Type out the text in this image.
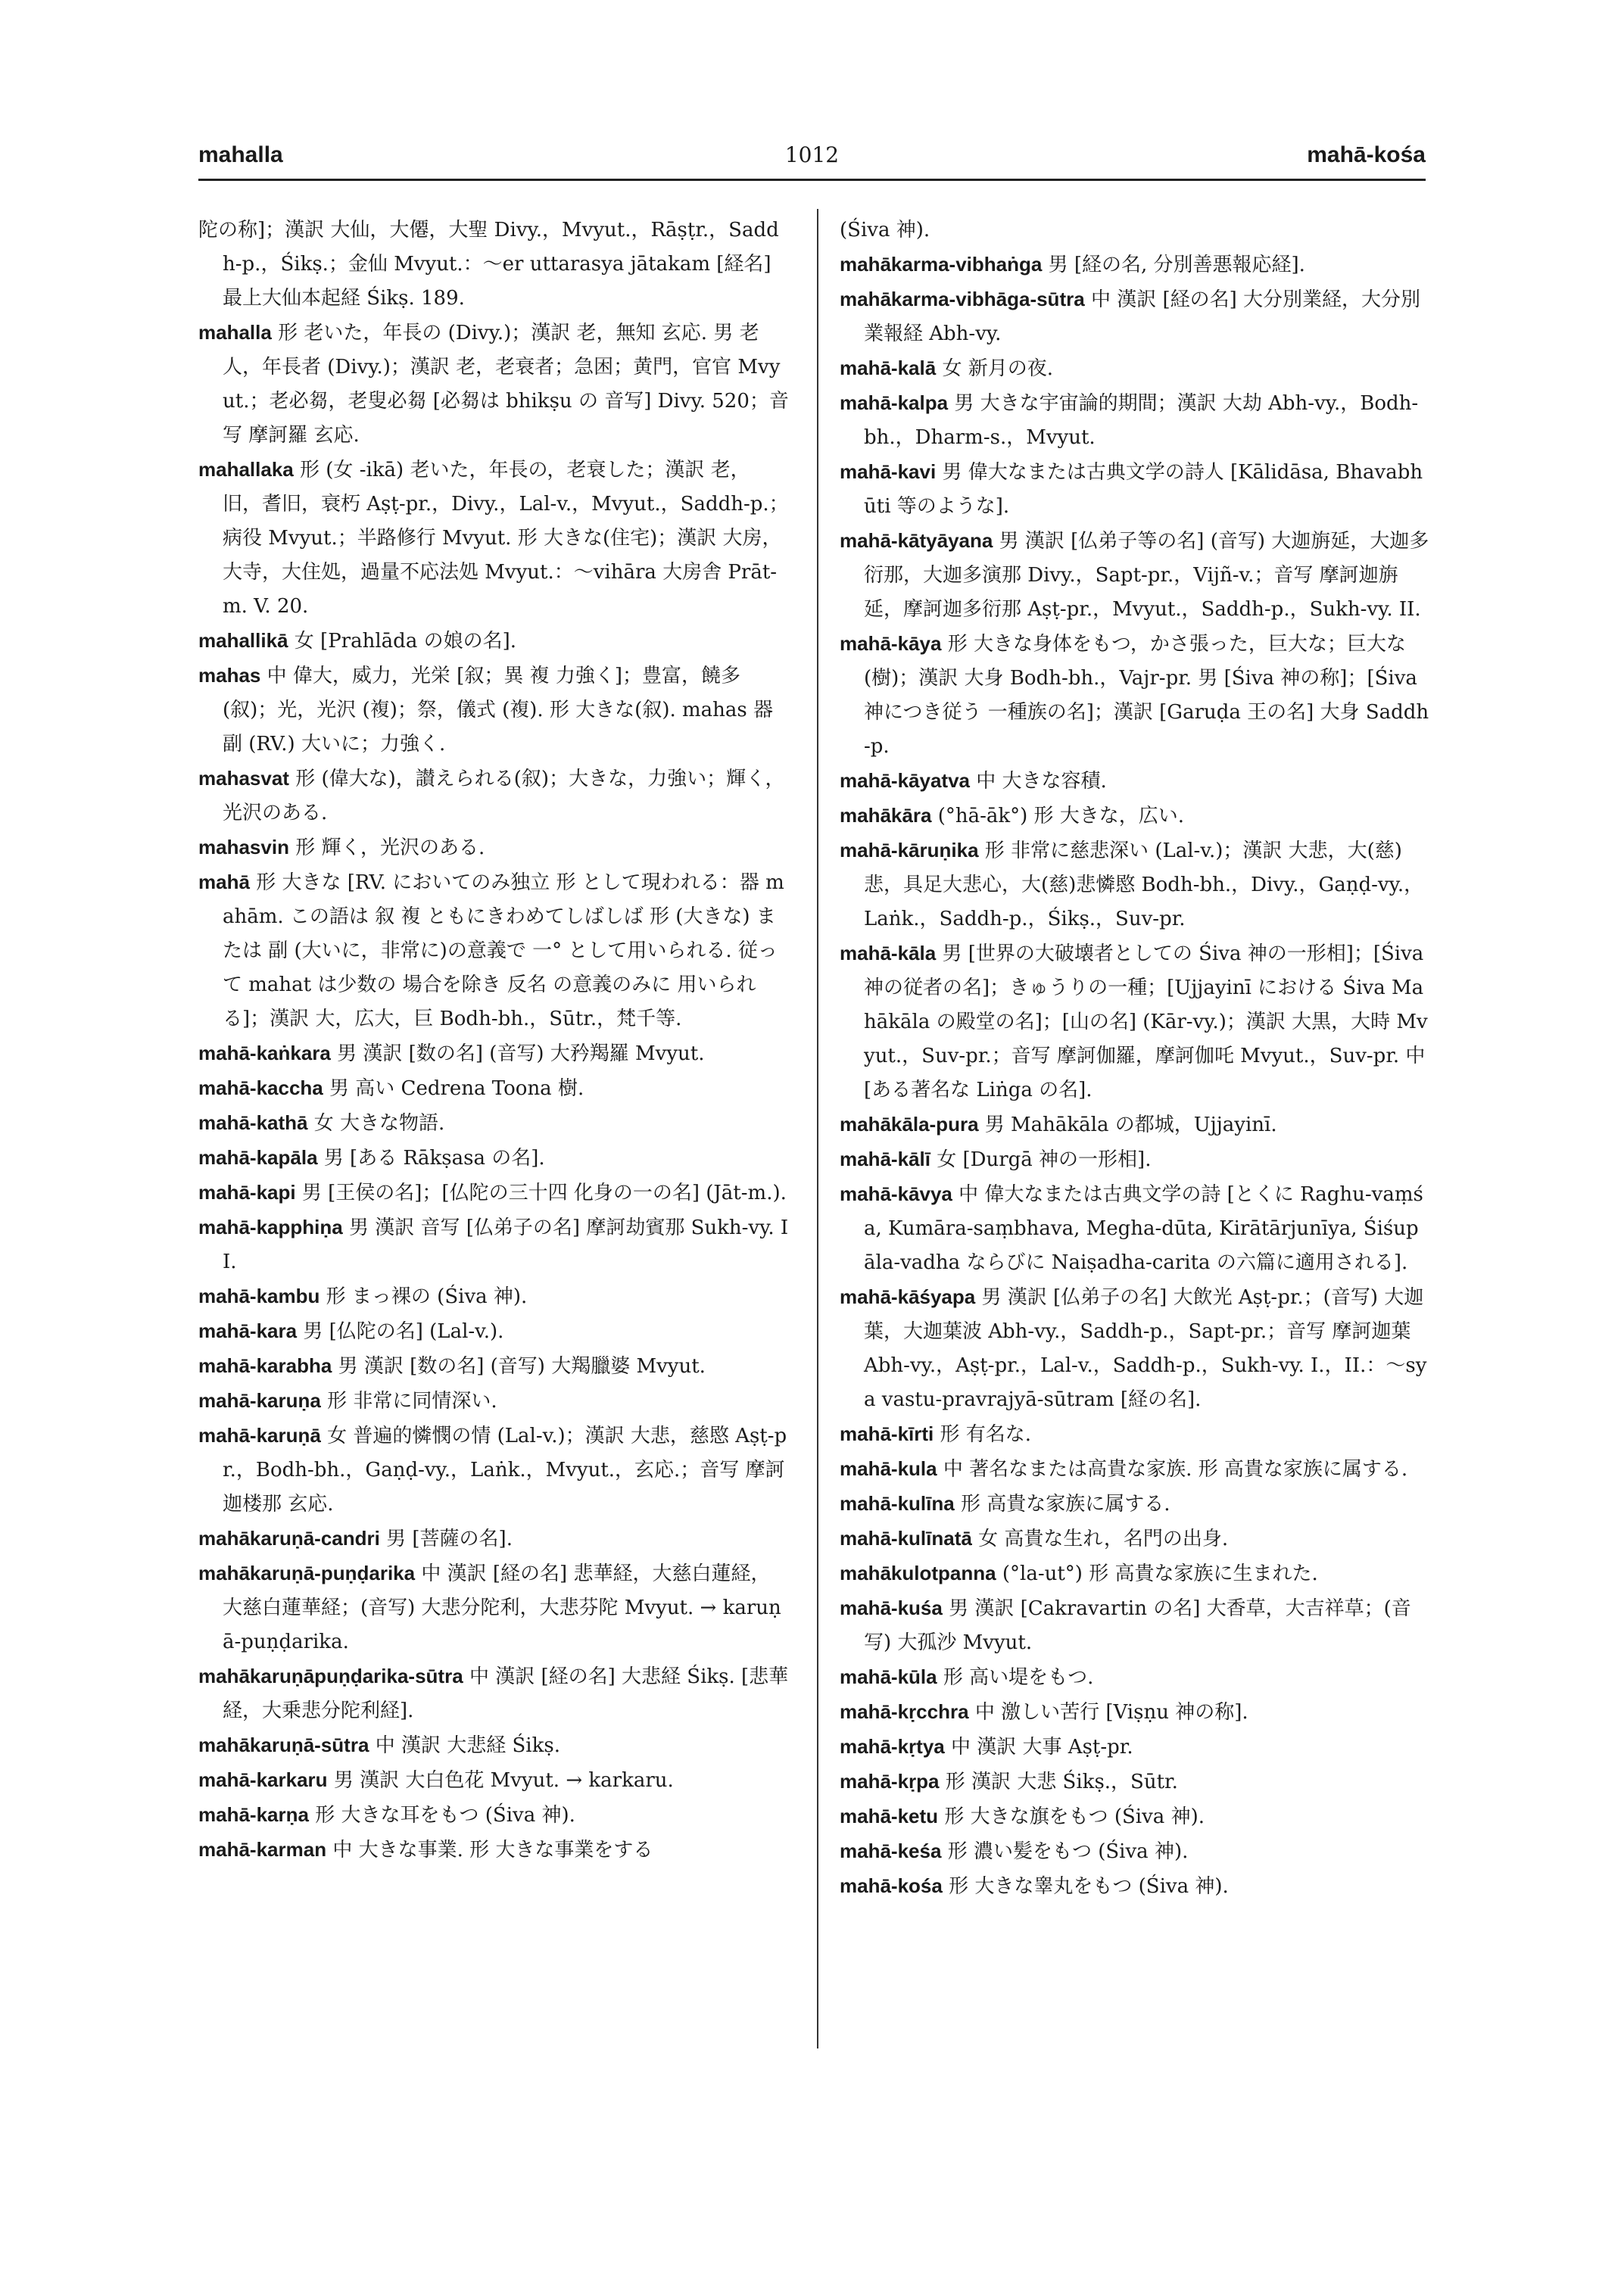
mahalla	1012	mahā-kośa

陀の称]；漢訳 大仙，大僊，大聖 Divy.，Mvyut.，Rāṣṭr.，Saddh-p.，Śikṣ.；金仙 Mvyut.：～er uttarasya jātakam [経名] 最上大仙本起経 Śikṣ. 189.

mahalla 形 老いた，年長の (Divy.)；漢訳 老，無知 玄応. 男 老人，年長者 (Divy.)；漢訳 老，老衰者；急困；黄門，官官 Mvyut.；老必芻，老叟必芻 [必芻は bhikṣu の 音写] Divy. 520；音写 摩訶羅 玄応.

mahallaka 形 (女 -ikā) 老いた，年長の，老衰した；漢訳 老，旧，耆旧，衰朽 Aṣṭ-pr.，Divy.，Lal-v.，Mvyut.，Saddh-p.；病役 Mvyut.；半路修行 Mvyut. 形 大きな(住宅)；漢訳 大房，大寺，大住処，過量不応法処 Mvyut.：～vihāra 大房舎 Prāt-m. V. 20.

mahallikā 女 [Prahlāda の娘の名].

mahas 中 偉大，威力，光栄 [叙；異 複 力強く]；豊富，饒多 (叙)；光，光沢 (複)；祭，儀式 (複). 形 大きな(叙). mahas 器 副 (RV.) 大いに；力強く.

mahasvat 形 (偉大な)，讃えられる(叙)；大きな，力強い；輝く，光沢のある.

mahasvin 形 輝く，光沢のある.

mahā 形 大きな [RV. においてのみ独立 形 として現われる：器 mahām. この語は 叙 複 ともにきわめてしばしば 形 (大きな) または 副 (大いに，非常に)の意義で 一° として用いられる. 従って mahat は少数の 場合を除き 反名 の意義のみに 用いられる]；漢訳 大，広大，巨 Bodh-bh.，Sūtr.，梵千等.

mahā-kaṅkara 男 漢訳 [数の名] (音写) 大矜羯羅 Mvyut.

mahā-kaccha 男 高い Cedrena Toona 樹.

mahā-kathā 女 大きな物語.

mahā-kapāla 男 [ある Rākṣasa の名].

mahā-kapi 男 [王侯の名]；[仏陀の三十四 化身の一の名] (Jāt-m.).

mahā-kapphiṇa 男 漢訳 音写 [仏弟子の名] 摩訶劫賓那 Sukh-vy. II.

mahā-kambu 形 まっ裸の (Śiva 神).

mahā-kara 男 [仏陀の名] (Lal-v.).

mahā-karabha 男 漢訳 [数の名] (音写) 大羯臘婆 Mvyut.

mahā-karuṇa 形 非常に同情深い.

mahā-karuṇā 女 普遍的憐憫の情 (Lal-v.)；漢訳 大悲，慈愍 Aṣṭ-pr.，Bodh-bh.，Gaṇḍ-vy.，Laṅk.，Mvyut.，玄応.；音写 摩訶迦楼那 玄応.

mahākaruṇā-candri 男 [菩薩の名].

mahākaruṇā-puṇḍarika 中 漢訳 [経の名] 悲華経，大慈白蓮経，大慈白蓮華経；(音写) 大悲分陀利，大悲芬陀 Mvyut. → karuṇā-puṇḍarika.

mahākaruṇāpuṇḍarika-sūtra 中 漢訳 [経の名] 大悲経 Śikṣ. [悲華経，大乗悲分陀利経].

mahākaruṇā-sūtra 中 漢訳 大悲経 Śikṣ.

mahā-karkaru 男 漢訳 大白色花 Mvyut. → karkaru.

mahā-karṇa 形 大きな耳をもつ (Śiva 神).

mahā-karman 中 大きな事業. 形 大きな事業をする

(Śiva 神).

mahākarma-vibhaṅga 男 [経の名, 分別善悪報応経].

mahākarma-vibhāga-sūtra 中 漢訳 [経の名] 大分別業経，大分別業報経 Abh-vy.

mahā-kalā 女 新月の夜.

mahā-kalpa 男 大きな宇宙論的期間；漢訳 大劫 Abh-vy.，Bodh-bh.，Dharm-s.，Mvyut.

mahā-kavi 男 偉大なまたは古典文学の詩人 [Kālidāsa, Bhavabhūti 等のような].

mahā-kātyāyana 男 漢訳 [仏弟子等の名] (音写) 大迦旃延，大迦多衍那，大迦多演那 Divy.，Sapt-pr.，Vijñ-v.；音写 摩訶迦旃延，摩訶迦多衍那 Aṣṭ-pr.，Mvyut.，Saddh-p.，Sukh-vy. II.

mahā-kāya 形 大きな身体をもつ，かさ張った，巨大な；巨大な(樹)；漢訳 大身 Bodh-bh.，Vajr-pr. 男 [Śiva 神の称]；[Śiva 神につき従う 一種族の名]；漢訳 [Garuḍa 王の名] 大身 Saddh-p.

mahā-kāyatva 中 大きな容積.

mahākāra (°hā-āk°) 形 大きな，広い.

mahā-kāruṇika 形 非常に慈悲深い (Lal-v.)；漢訳 大悲，大(慈)悲，具足大悲心，大(慈)悲憐愍 Bodh-bh.，Divy.，Gaṇḍ-vy.，Laṅk.，Saddh-p.，Śikṣ.，Suv-pr.

mahā-kāla 男 [世界の大破壊者としての Śiva 神の一形相]；[Śiva 神の従者の名]；きゅうりの一種；[Ujjayinī における Śiva Mahākāla の殿堂の名]；[山の名] (Kār-vy.)；漢訳 大黒，大時 Mvyut.，Suv-pr.；音写 摩訶伽羅，摩訶伽吒 Mvyut.，Suv-pr. 中 [ある著名な Liṅga の名].

mahākāla-pura 男 Mahākāla の都城，Ujjayinī.

mahā-kālī 女 [Durgā 神の一形相].

mahā-kāvya 中 偉大なまたは古典文学の詩 [とくに Raghu-vaṃśa, Kumāra-saṃbhava, Megha-dūta, Kirātārjunīya, Śiśupāla-vadha ならびに Naiṣadha-carita の六篇に適用される].

mahā-kāśyapa 男 漢訳 [仏弟子の名] 大飲光 Aṣṭ-pr.；(音写) 大迦葉，大迦葉波 Abh-vy.，Saddh-p.，Sapt-pr.；音写 摩訶迦葉 Abh-vy.，Aṣṭ-pr.，Lal-v.，Saddh-p.，Sukh-vy. I.，II.：～sya vastu-pravrajyā-sūtram [経の名].

mahā-kīrti 形 有名な.

mahā-kula 中 著名なまたは高貴な家族. 形 高貴な家族に属する.

mahā-kulīna 形 高貴な家族に属する.

mahā-kulīnatā 女 高貴な生れ，名門の出身.

mahākulotpanna (°la-ut°) 形 高貴な家族に生まれた.

mahā-kuśa 男 漢訳 [Cakravartin の名] 大香草，大吉祥草；(音写) 大孤沙 Mvyut.

mahā-kūla 形 高い堤をもつ.

mahā-kṛcchra 中 激しい苦行 [Viṣṇu 神の称].

mahā-kṛtya 中 漢訳 大事 Aṣṭ-pr.

mahā-kṛpa 形 漢訳 大悲 Śikṣ.，Sūtr.

mahā-ketu 形 大きな旗をもつ (Śiva 神).

mahā-keśa 形 濃い髪をもつ (Śiva 神).

mahā-kośa 形 大きな睾丸をもつ (Śiva 神).
